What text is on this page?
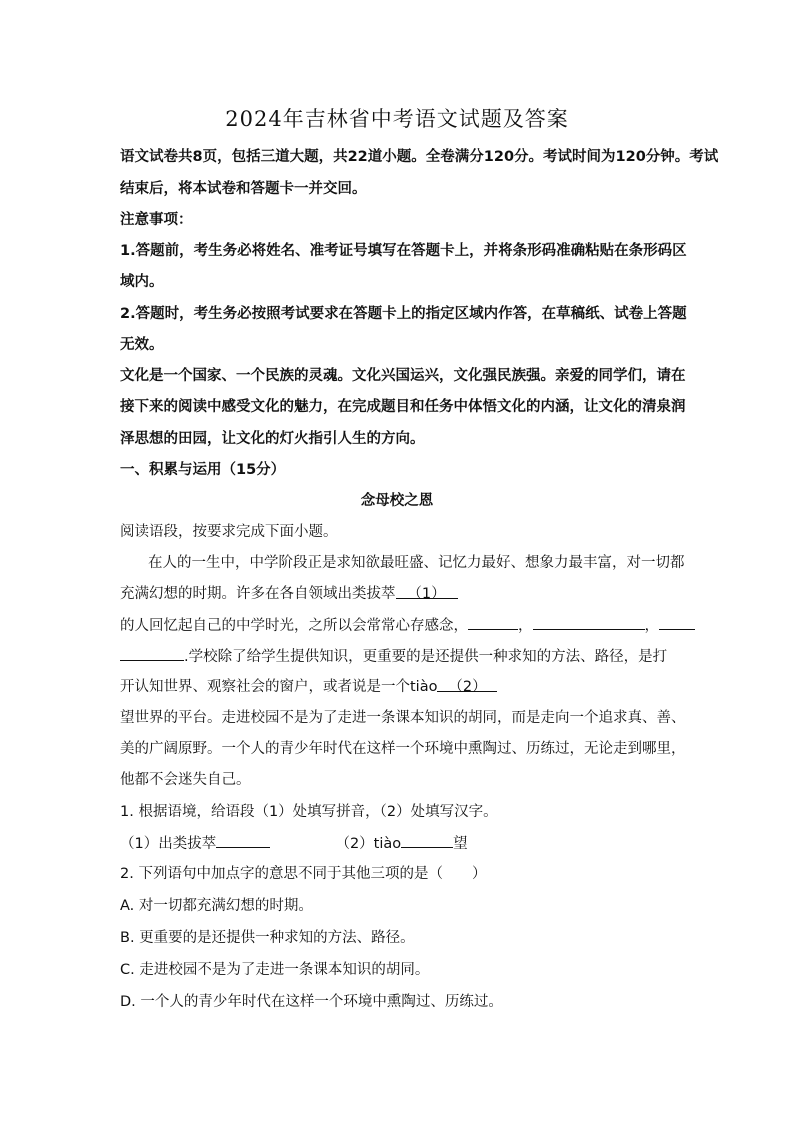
2024年吉林省中考语文试题及答案
语文试卷共8页，包括三道大题，共22道小题。全卷满分120分。考试时间为120分钟。考试
结束后，将本试卷和答题卡一并交回。
注意事项：
1.答题前，考生务必将姓名、准考证号填写在答题卡上，并将条形码准确粘贴在条形码区
域内。
2.答题时，考生务必按照考试要求在答题卡上的指定区域内作答，在草稿纸、试卷上答题
无效。
文化是一个国家、一个民族的灵魂。文化兴国运兴，文化强民族强。亲爱的同学们，请在
接下来的阅读中感受文化的魅力，在完成题目和任务中体悟文化的内涵，让文化的清泉润
泽思想的田园，让文化的灯火指引人生的方向。
一、积累与运用（15分）
念母校之恩
阅读语段，按要求完成下面小题。
在人的一生中，中学阶段正是求知欲最旺盛、记忆力最好、想象力最丰富，对一切都
充满幻想的时期。许多在各自领域出类拔萃 （1）
的人回忆起自己的中学时光，之所以会常常心存感念，	，	，
.学校除了给学生提供知识，更重要的是还提供一种求知的方法、路径，是打
开认知世界、观察社会的窗户，或者说是一个tiào （2）
望世界的平台。走进校园不是为了走进一条课本知识的胡同，而是走向一个追求真、善、
美的广阔原野。一个人的青少年时代在这样一个环境中熏陶过、历练过，无论走到哪里，
他都不会迷失自己。
1. 根据语境，给语段（1）处填写拼音，（2）处填写汉字。
（1）出类拔萃	（2）tiào	望
2. 下列语句中加点字的意思不同于其他三项的是（　　）
A. 对一切都充满幻想的时期。
B. 更重要的是还提供一种求知的方法、路径。
C. 走进校园不是为了走进一条课本知识的胡同。
D. 一个人的青少年时代在这样一个环境中熏陶过、历练过。
